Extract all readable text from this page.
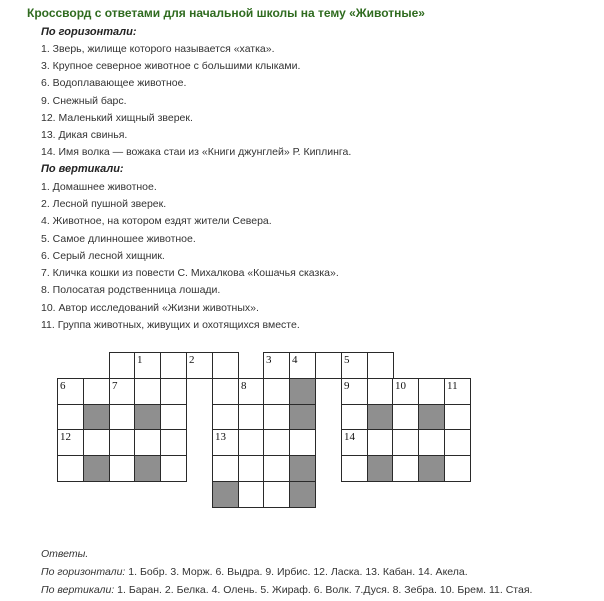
Кроссворд с ответами для начальной школы на тему «Животные»
По горизонтали:
1. Зверь, жилище которого называется «хатка».
3. Крупное северное животное с большими клыками.
6. Водоплавающее животное.
9. Снежный барс.
12. Маленький хищный зверек.
13. Дикая свинья.
14. Имя волка — вожака стаи из «Книги джунглей» Р. Киплинга.
По вертикали:
1. Домашнее животное.
2. Лесной пушной зверек.
4. Животное, на котором ездят жители Севера.
5. Самое длинношее животное.
6. Серый лесной хищник.
7. Кличка кошки из повести С. Михалкова «Кошачья сказка».
8. Полосатая родственница лошади.
10. Автор исследований «Жизни животных».
11. Группа животных, живущих и охотящихся вместе.
1	2	3 4	5
6	7	8	9	10	11
12	13	14
Ответы.
По горизонтали: 1. Бобр. 3. Морж. 6. Выдра. 9. Ирбис. 12. Ласка. 13. Кабан. 14. Акела.
По вертикали: 1. Баран. 2. Белка. 4. Олень. 5. Жираф. 6. Волк. 7.Дуся. 8. Зебра. 10. Брем. 11. Стая.
